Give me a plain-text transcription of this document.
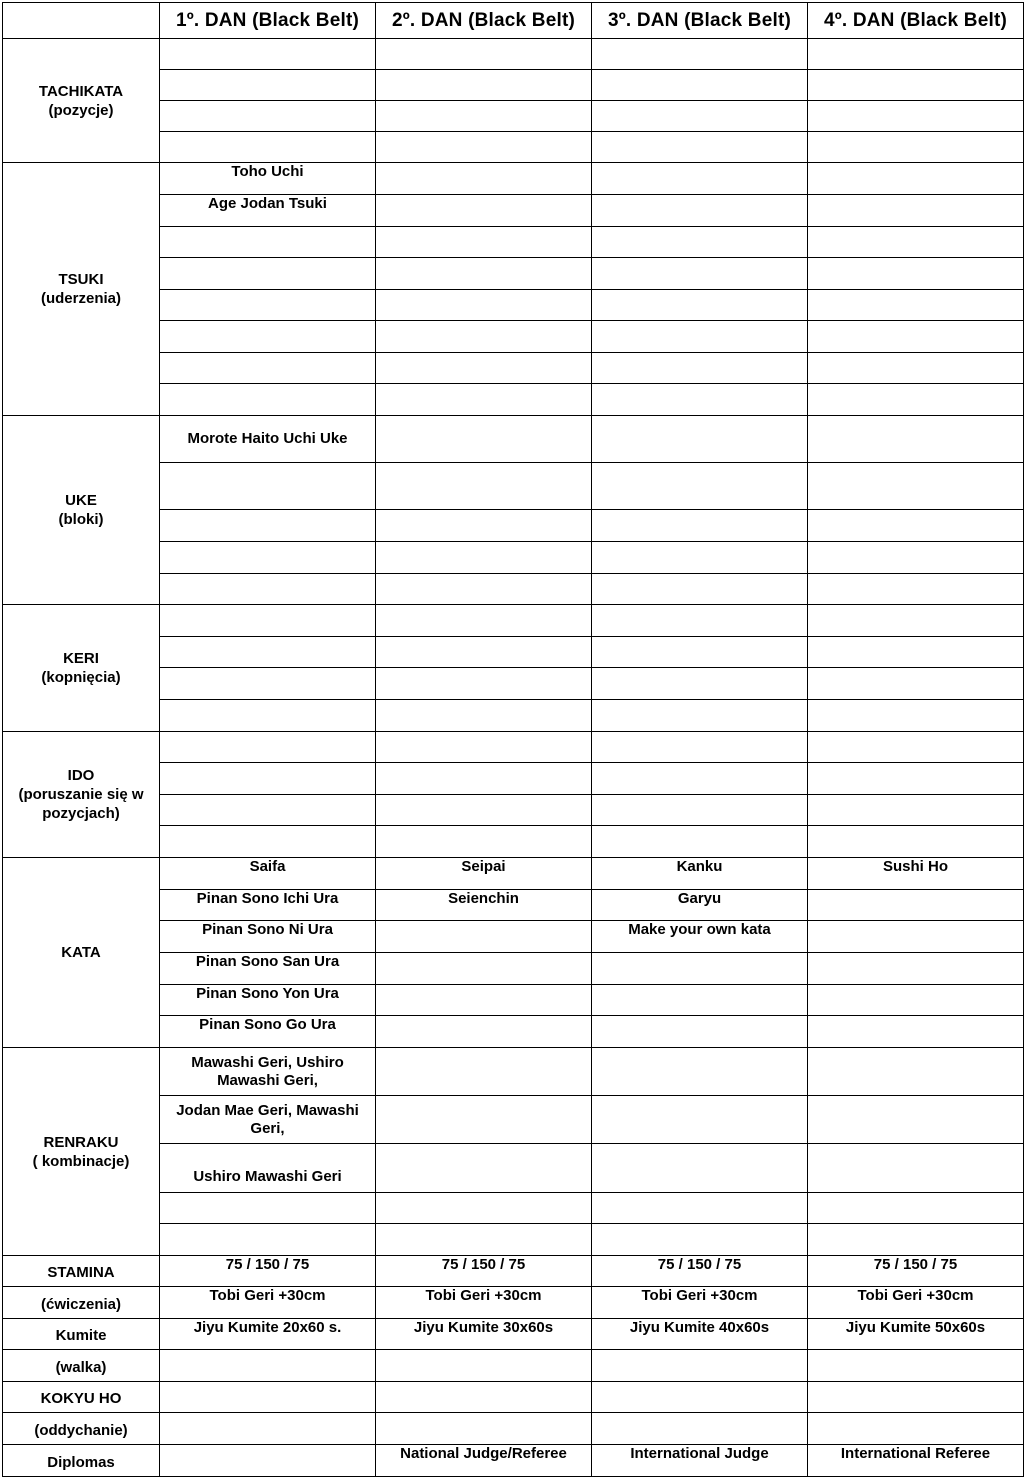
	1º. DAN (Black Belt)	2º. DAN (Black Belt)	3º. DAN (Black Belt)	4º. DAN (Black Belt)

TACHIKATA
(pozycje)				

TSUKI
(uderzenia)	Toho Uchi			
	Age Jodan Tsuki			

UKE
(bloki)	Morote Haito Uchi Uke			

KERI
(kopnięcia)				

IDO
(poruszanie się w pozycjach)				

KATA	Saifa	Seipai	Kanku	Sushi Ho
	Pinan Sono Ichi Ura	Seienchin	Garyu	
	Pinan Sono Ni Ura		Make your own kata	
	Pinan Sono San Ura			
	Pinan Sono Yon Ura			
	Pinan Sono Go Ura			

RENRAKU
( kombinacje)	Mawashi Geri, Ushiro Mawashi Geri,			
	Jodan Mae Geri, Mawashi Geri,			
	Ushiro Mawashi Geri			

STAMINA	75 / 150 / 75	75 / 150 / 75	75 / 150 / 75	75 / 150 / 75
(ćwiczenia)	Tobi Geri +30cm	Tobi Geri +30cm	Tobi Geri +30cm	Tobi Geri +30cm
Kumite	Jiyu Kumite 20x60 s.	Jiyu Kumite 30x60s	Jiyu Kumite 40x60s	Jiyu Kumite 50x60s
(walka)				
KOKYU HO				
(oddychanie)				
Diplomas		National Judge/Referee	International Judge	International Referee
